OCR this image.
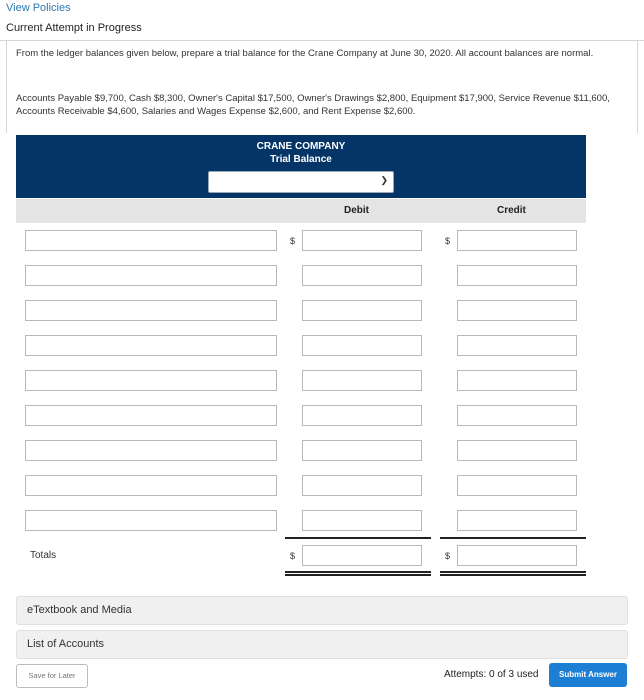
View Policies
Current Attempt in Progress
From the ledger balances given below, prepare a trial balance for the Crane Company at June 30, 2020. All account balances are normal.
Accounts Payable $9,700, Cash $8,300, Owner's Capital $17,500, Owner's Drawings $2,800, Equipment $17,900, Service Revenue $11,600, Accounts Receivable $4,600, Salaries and Wages Expense $2,600, and Rent Expense $2,600.
CRANE COMPANY
Trial Balance
❯
Debit	Credit
$	$
Totals	$	$
eTextbook and Media
List of Accounts
Save for Later	Attempts: 0 of 3 used	Submit Answer
